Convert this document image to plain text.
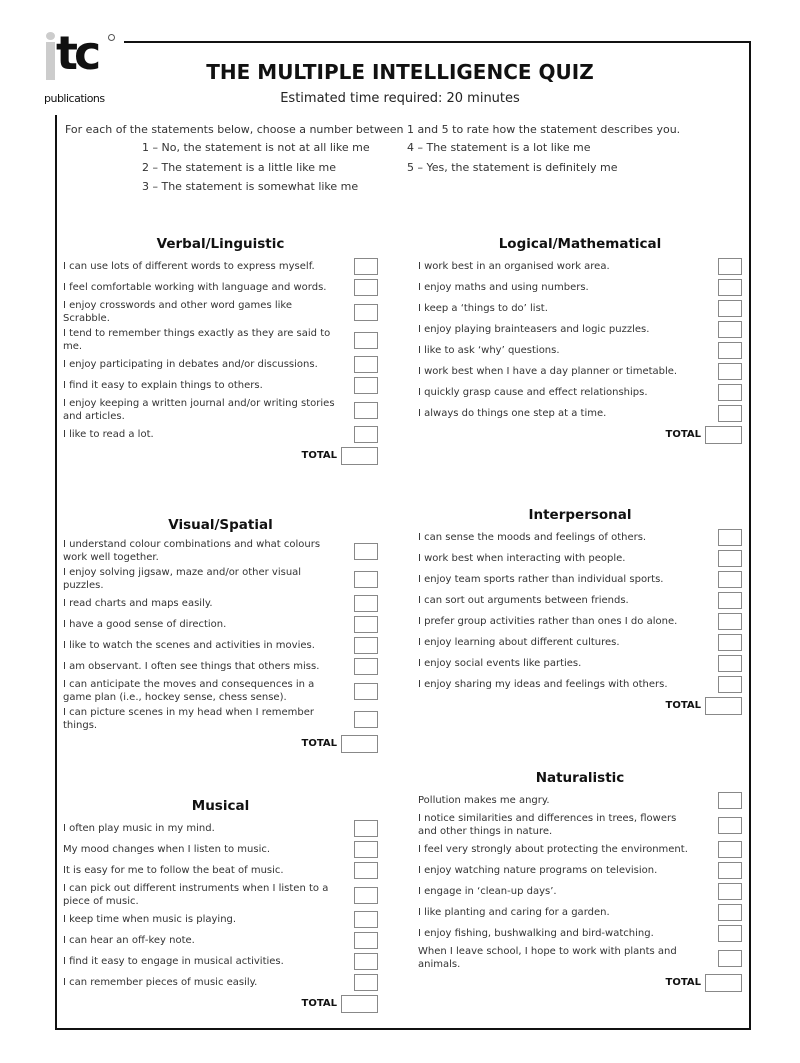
tc
publications
THE MULTIPLE INTELLIGENCE QUIZ
Estimated time required: 20 minutes
For each of the statements below, choose a number between 1 and 5 to rate how the statement describes you.
1 – No, the statement is not at all like me
2 – The statement is a little like me
3 – The statement is somewhat like me
4 – The statement is a lot like me
5 – Yes, the statement is definitely me
Verbal/Linguistic
I can use lots of different words to express myself.
I feel comfortable working with language and words.
I enjoy crosswords and other word games like Scrabble.
I tend to remember things exactly as they are said to me.
I enjoy participating in debates and/or discussions.
I find it easy to explain things to others.
I enjoy keeping a written journal and/or writing stories and articles.
I like to read a lot.
TOTAL
Logical/Mathematical
I work best in an organised work area.
I enjoy maths and using numbers.
I keep a ‘things to do’ list.
I enjoy playing brainteasers and logic puzzles.
I like to ask ‘why’ questions.
I work best when I have a day planner or timetable.
I quickly grasp cause and effect relationships.
I always do things one step at a time.
TOTAL
Visual/Spatial
I understand colour combinations and what colours work well together.
I enjoy solving jigsaw, maze and/or other visual puzzles.
I read charts and maps easily.
I have a good sense of direction.
I like to watch the scenes and activities in movies.
I am observant. I often see things that others miss.
I can anticipate the moves and consequences in a game plan (i.e., hockey sense, chess sense).
I can picture scenes in my head when I remember things.
TOTAL
Interpersonal
I can sense the moods and feelings of others.
I work best when interacting with people.
I enjoy team sports rather than individual sports.
I can sort out arguments between friends.
I prefer group activities rather than ones I do alone.
I enjoy learning about different cultures.
I enjoy social events like parties.
I enjoy sharing my ideas and feelings with others.
TOTAL
Musical
I often play music in my mind.
My mood changes when I listen to music.
It is easy for me to follow the beat of music.
I can pick out different instruments when I listen to a piece of music.
I keep time when music is playing.
I can hear an off-key note.
I find it easy to engage in musical activities.
I can remember pieces of music easily.
TOTAL
Naturalistic
Pollution makes me angry.
I notice similarities and differences in trees, flowers and other things in nature.
I feel very strongly about protecting the environment.
I enjoy watching nature programs on television.
I engage in ‘clean-up days’.
I like planting and caring for a garden.
I enjoy fishing, bushwalking and bird-watching.
When I leave school, I hope to work with plants and animals.
TOTAL
